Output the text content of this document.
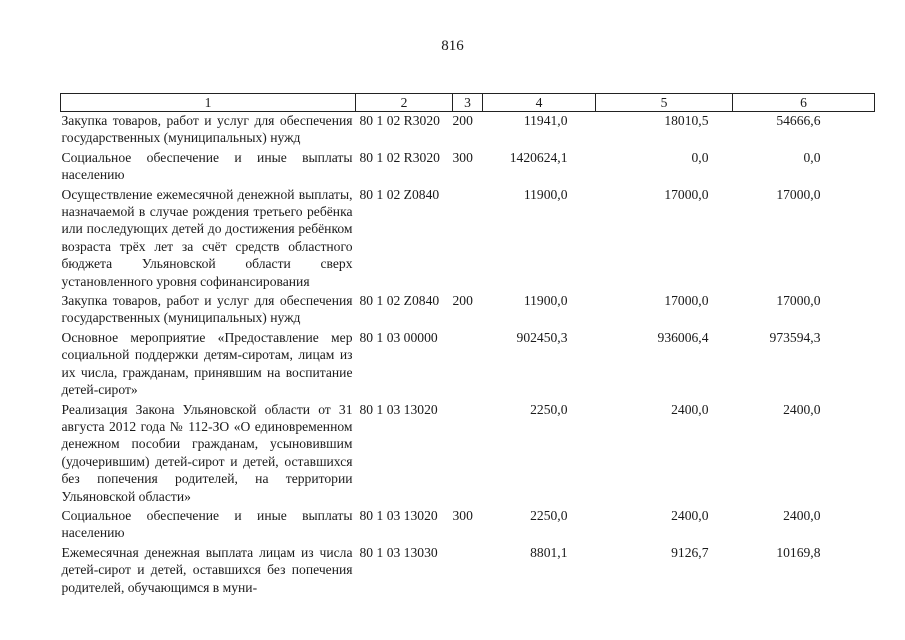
816
1	2	3	4	5	6
Закупка товаров, работ и услуг для обеспечения государственных (муниципальных) нужд	80 1 02 R3020	200	11941,0	18010,5	54666,6
Социальное обеспечение и иные выплаты населению	80 1 02 R3020	300	1420624,1	0,0	0,0
Осуществление ежемесячной денежной выплаты, назначаемой в случае рождения третьего ребёнка или последующих детей до достижения ребёнком возраста трёх лет за счёт средств областного бюджета Ульяновской области сверх установленного уровня софинансирования	80 1 02 Z0840		11900,0	17000,0	17000,0
Закупка товаров, работ и услуг для обеспечения государственных (муниципальных) нужд	80 1 02 Z0840	200	11900,0	17000,0	17000,0
Основное мероприятие «Предоставление мер социальной поддержки детям-сиротам, лицам из их числа, гражданам, принявшим на воспитание детей-сирот»	80 1 03 00000		902450,3	936006,4	973594,3
Реализация Закона Ульяновской области от 31 августа 2012 года № 112-ЗО «О единовременном денежном пособии гражданам, усыновившим (удочерившим) детей-сирот и детей, оставшихся без попечения родителей, на территории Ульяновской области»	80 1 03 13020		2250,0	2400,0	2400,0
Социальное обеспечение и иные выплаты населению	80 1 03 13020	300	2250,0	2400,0	2400,0
Ежемесячная денежная выплата лицам из числа детей-сирот и детей, оставшихся без попечения родителей, обучающимся в муни-	80 1 03 13030		8801,1	9126,7	10169,8
